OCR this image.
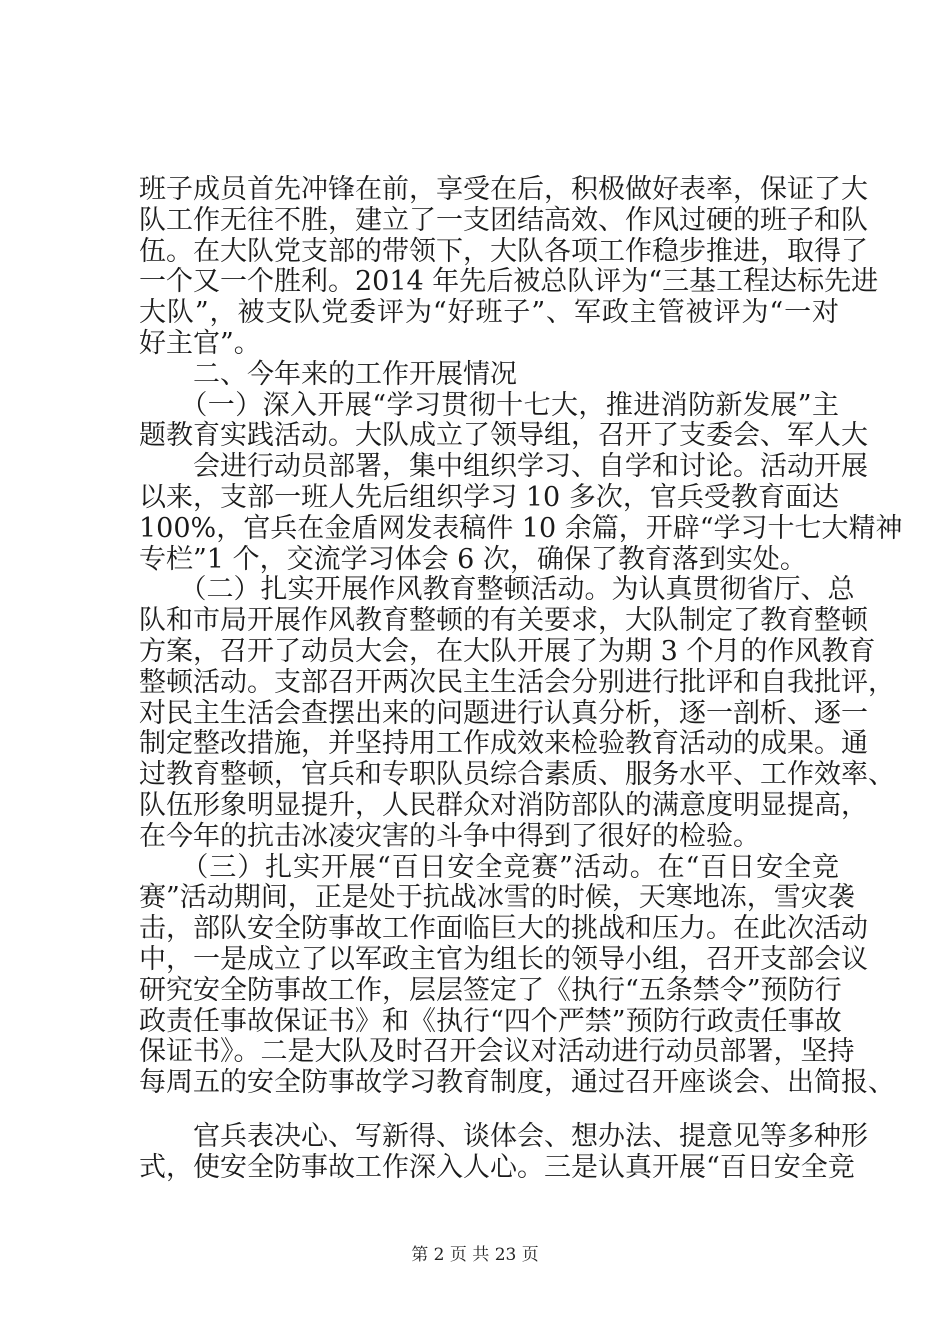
班子成员首先冲锋在前，享受在后，积极做好表率，保证了大
队工作无往不胜，建立了一支团结高效、作风过硬的班子和队
伍。在大队党支部的带领下，大队各项工作稳步推进，取得了
一个又一个胜利。2014 年先后被总队评为“三基工程达标先进
大队”，被支队党委评为“好班子”、军政主管被评为“一对
好主官”。
　　二、今年来的工作开展情况
　　（一）深入开展“学习贯彻十七大，推进消防新发展”主
题教育实践活动。大队成立了领导组，召开了支委会、军人大
　　会进行动员部署，集中组织学习、自学和讨论。活动开展
以来，支部一班人先后组织学习 10 多次，官兵受教育面达
100%，官兵在金盾网发表稿件 10 余篇，开辟“学习十七大精神
专栏”1 个，交流学习体会 6 次，确保了教育落到实处。
　　（二）扎实开展作风教育整顿活动。为认真贯彻省厅、总
队和市局开展作风教育整顿的有关要求，大队制定了教育整顿
方案，召开了动员大会，在大队开展了为期 3 个月的作风教育
整顿活动。支部召开两次民主生活会分别进行批评和自我批评，
对民主生活会查摆出来的问题进行认真分析，逐一剖析、逐一
制定整改措施，并坚持用工作成效来检验教育活动的成果。通
过教育整顿，官兵和专职队员综合素质、服务水平、工作效率、
队伍形象明显提升，人民群众对消防部队的满意度明显提高，
在今年的抗击冰凌灾害的斗争中得到了很好的检验。
　　（三）扎实开展“百日安全竞赛”活动。在“百日安全竞
赛”活动期间，正是处于抗战冰雪的时候，天寒地冻，雪灾袭
击，部队安全防事故工作面临巨大的挑战和压力。在此次活动
中，一是成立了以军政主官为组长的领导小组，召开支部会议
研究安全防事故工作，层层签定了《执行“五条禁令”预防行
政责任事故保证书》和《执行“四个严禁”预防行政责任事故
保证书》。二是大队及时召开会议对活动进行动员部署，坚持
每周五的安全防事故学习教育制度，通过召开座谈会、出简报、
　　官兵表决心、写新得、谈体会、想办法、提意见等多种形
式，使安全防事故工作深入人心。三是认真开展“百日安全竞
第 2 页 共 23 页
